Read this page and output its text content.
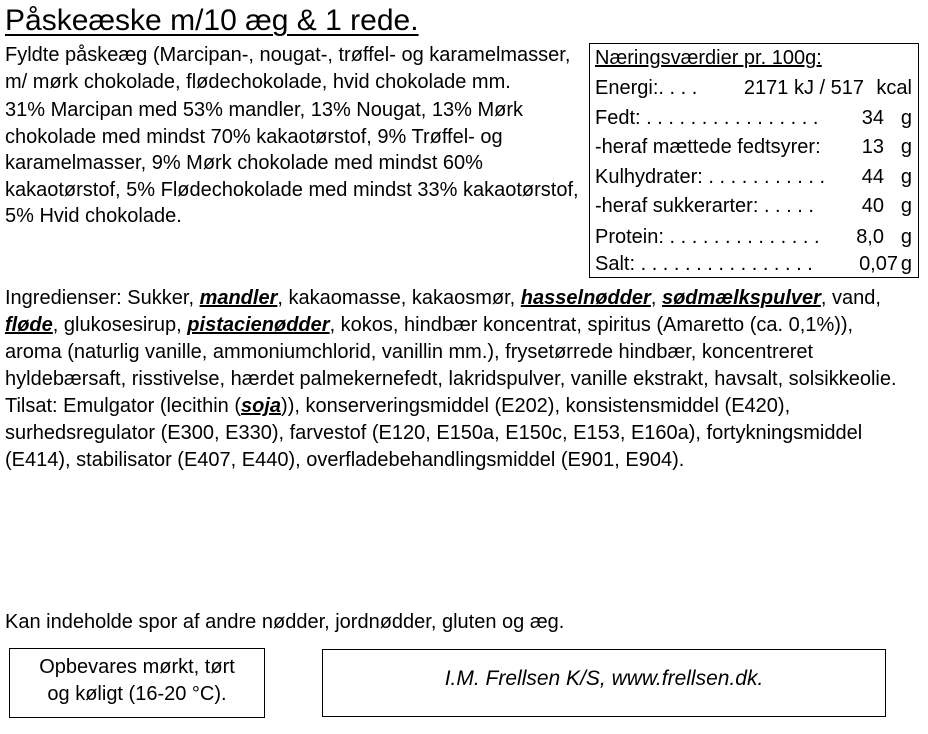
Påskeæske m/10 æg & 1 rede.

Fyldte påskeæg (Marcipan-, nougat-, trøffel- og karamelmasser, m/ mørk chokolade, flødechokolade, hvid chokolade mm.

31% Marcipan med 53% mandler, 13% Nougat, 13% Mørk chokolade med mindst 70% kakaotørstof, 9% Trøffel- og karamelmasser, 9% Mørk chokolade med mindst 60% kakaotørstof, 5% Flødechokolade med mindst 33% kakaotørstof, 5% Hvid chokolade.

Næringsværdier pr. 100g:
Energi:. . . . 2171 kJ / 517 kcal
Fedt: . . . . . . . . . . . . . . . . 34 g
-heraf mættede fedtsyrer: 13 g
Kulhydrater: . . . . . . . . . . . 44 g
-heraf sukkerarter: . . . . . 40 g
Protein: . . . . . . . . . . . . . . 8,0 g
Salt: . . . . . . . . . . . . . . . . 0,07 g
Ingredienser: Sukker, mandler, kakaomasse, kakaosmør, hasselnødder, sødmælkspulver, vand, fløde, glukosesirup, pistacienødder, kokos, hindbær koncentrat, spiritus (Amaretto (ca. 0,1%)), aroma (naturlig vanille, ammoniumchlorid, vanillin mm.), frysetørrede hindbær, koncentreret hyldebærsaft, risstivelse, hærdet palmekernefedt, lakridspulver, vanille ekstrakt, havsalt, solsikkeolie. Tilsat: Emulgator (lecithin (soja)), konserveringsmiddel (E202), konsistensmiddel (E420), surhedsregulator (E300, E330), farvestof (E120, E150a, E150c, E153, E160a), fortykningsmiddel (E414), stabilisator (E407, E440), overfladebehandlingsmiddel (E901, E904).
Kan indeholde spor af andre nødder, jordnødder, gluten og æg.
Opbevares mørkt, tørt
og køligt (16-20 °C).
I.M. Frellsen K/S, www.frellsen.dk.
